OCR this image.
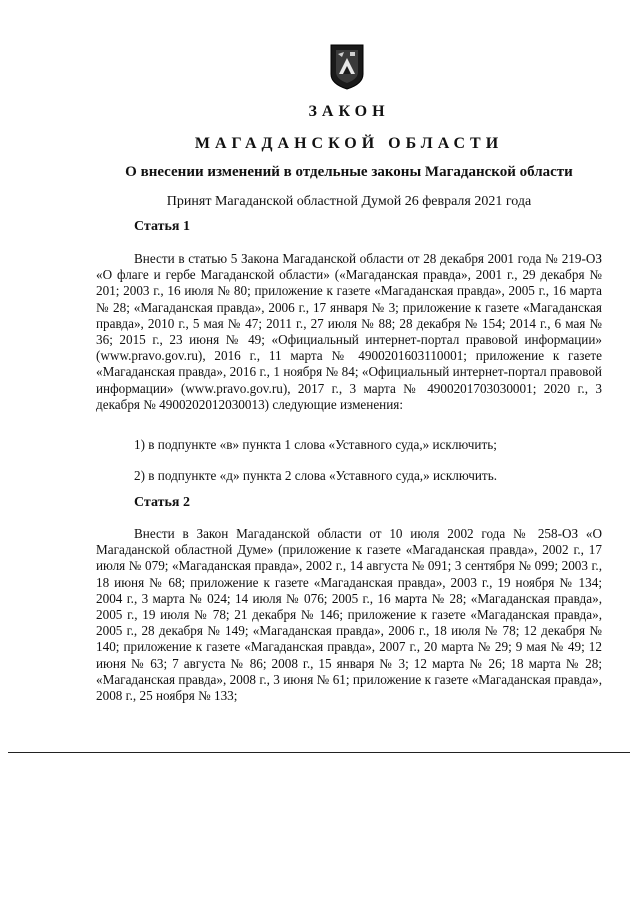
ЗАКОН
МАГАДАНСКОЙ ОБЛАСТИ
О внесении изменений в отдельные законы Магаданской области
Принят Магаданской областной Думой 26 февраля 2021 года
Статья 1

Внести в статью 5 Закона Магаданской области от 28 декабря 2001 года № 219-ОЗ «О флаге и гербе Магаданской области» («Магаданская правда», 2001 г., 29 декабря № 201; 2003 г., 16 июля № 80; приложение к газете «Магаданская правда», 2005 г., 16 марта № 28; «Магаданская правда», 2006 г., 17 января № 3; приложение к газете «Магаданская правда», 2010 г., 5 мая № 47; 2011 г., 27 июля № 88; 28 декабря № 154; 2014 г., 6 мая № 36; 2015 г., 23 июня № 49; «Официальный интернет-портал правовой информации» (www.pravo.gov.ru), 2016 г., 11 марта № 4900201603110001; приложение к газете «Магаданская правда», 2016 г., 1 ноября № 84; «Официальный интернет-портал правовой информации» (www.pravo.gov.ru), 2017 г., 3 марта № 4900201703030001; 2020 г., 3 декабря № 4900202012030013) следующие изменения:

1) в подпункте «в» пункта 1 слова «Уставного суда,» исключить;

2) в подпункте «д» пункта 2 слова «Уставного суда,» исключить.

Статья 2

Внести в Закон Магаданской области от 10 июля 2002 года № 258-ОЗ «О Магаданской областной Думе» (приложение к газете «Магаданская правда», 2002 г., 17 июля № 079; «Магаданская правда», 2002 г., 14 августа № 091; 3 сентября № 099; 2003 г., 18 июня № 68; приложение к газете «Магаданская правда», 2003 г., 19 ноября № 134; 2004 г., 3 марта № 024; 14 июля № 076; 2005 г., 16 марта № 28; «Магаданская правда», 2005 г., 19 июля № 78; 21 декабря № 146; приложение к газете «Магаданская правда», 2005 г., 28 декабря № 149; «Магаданская правда», 2006 г., 18 июля № 78; 12 декабря № 140; приложение к газете «Магаданская правда», 2007 г., 20 марта № 29; 9 мая № 49; 12 июня № 63; 7 августа № 86; 2008 г., 15 января № 3; 12 марта № 26; 18 марта № 28; «Магаданская правда», 2008 г., 3 июня № 61; приложение к газете «Магаданская правда», 2008 г., 25 ноября № 133;
